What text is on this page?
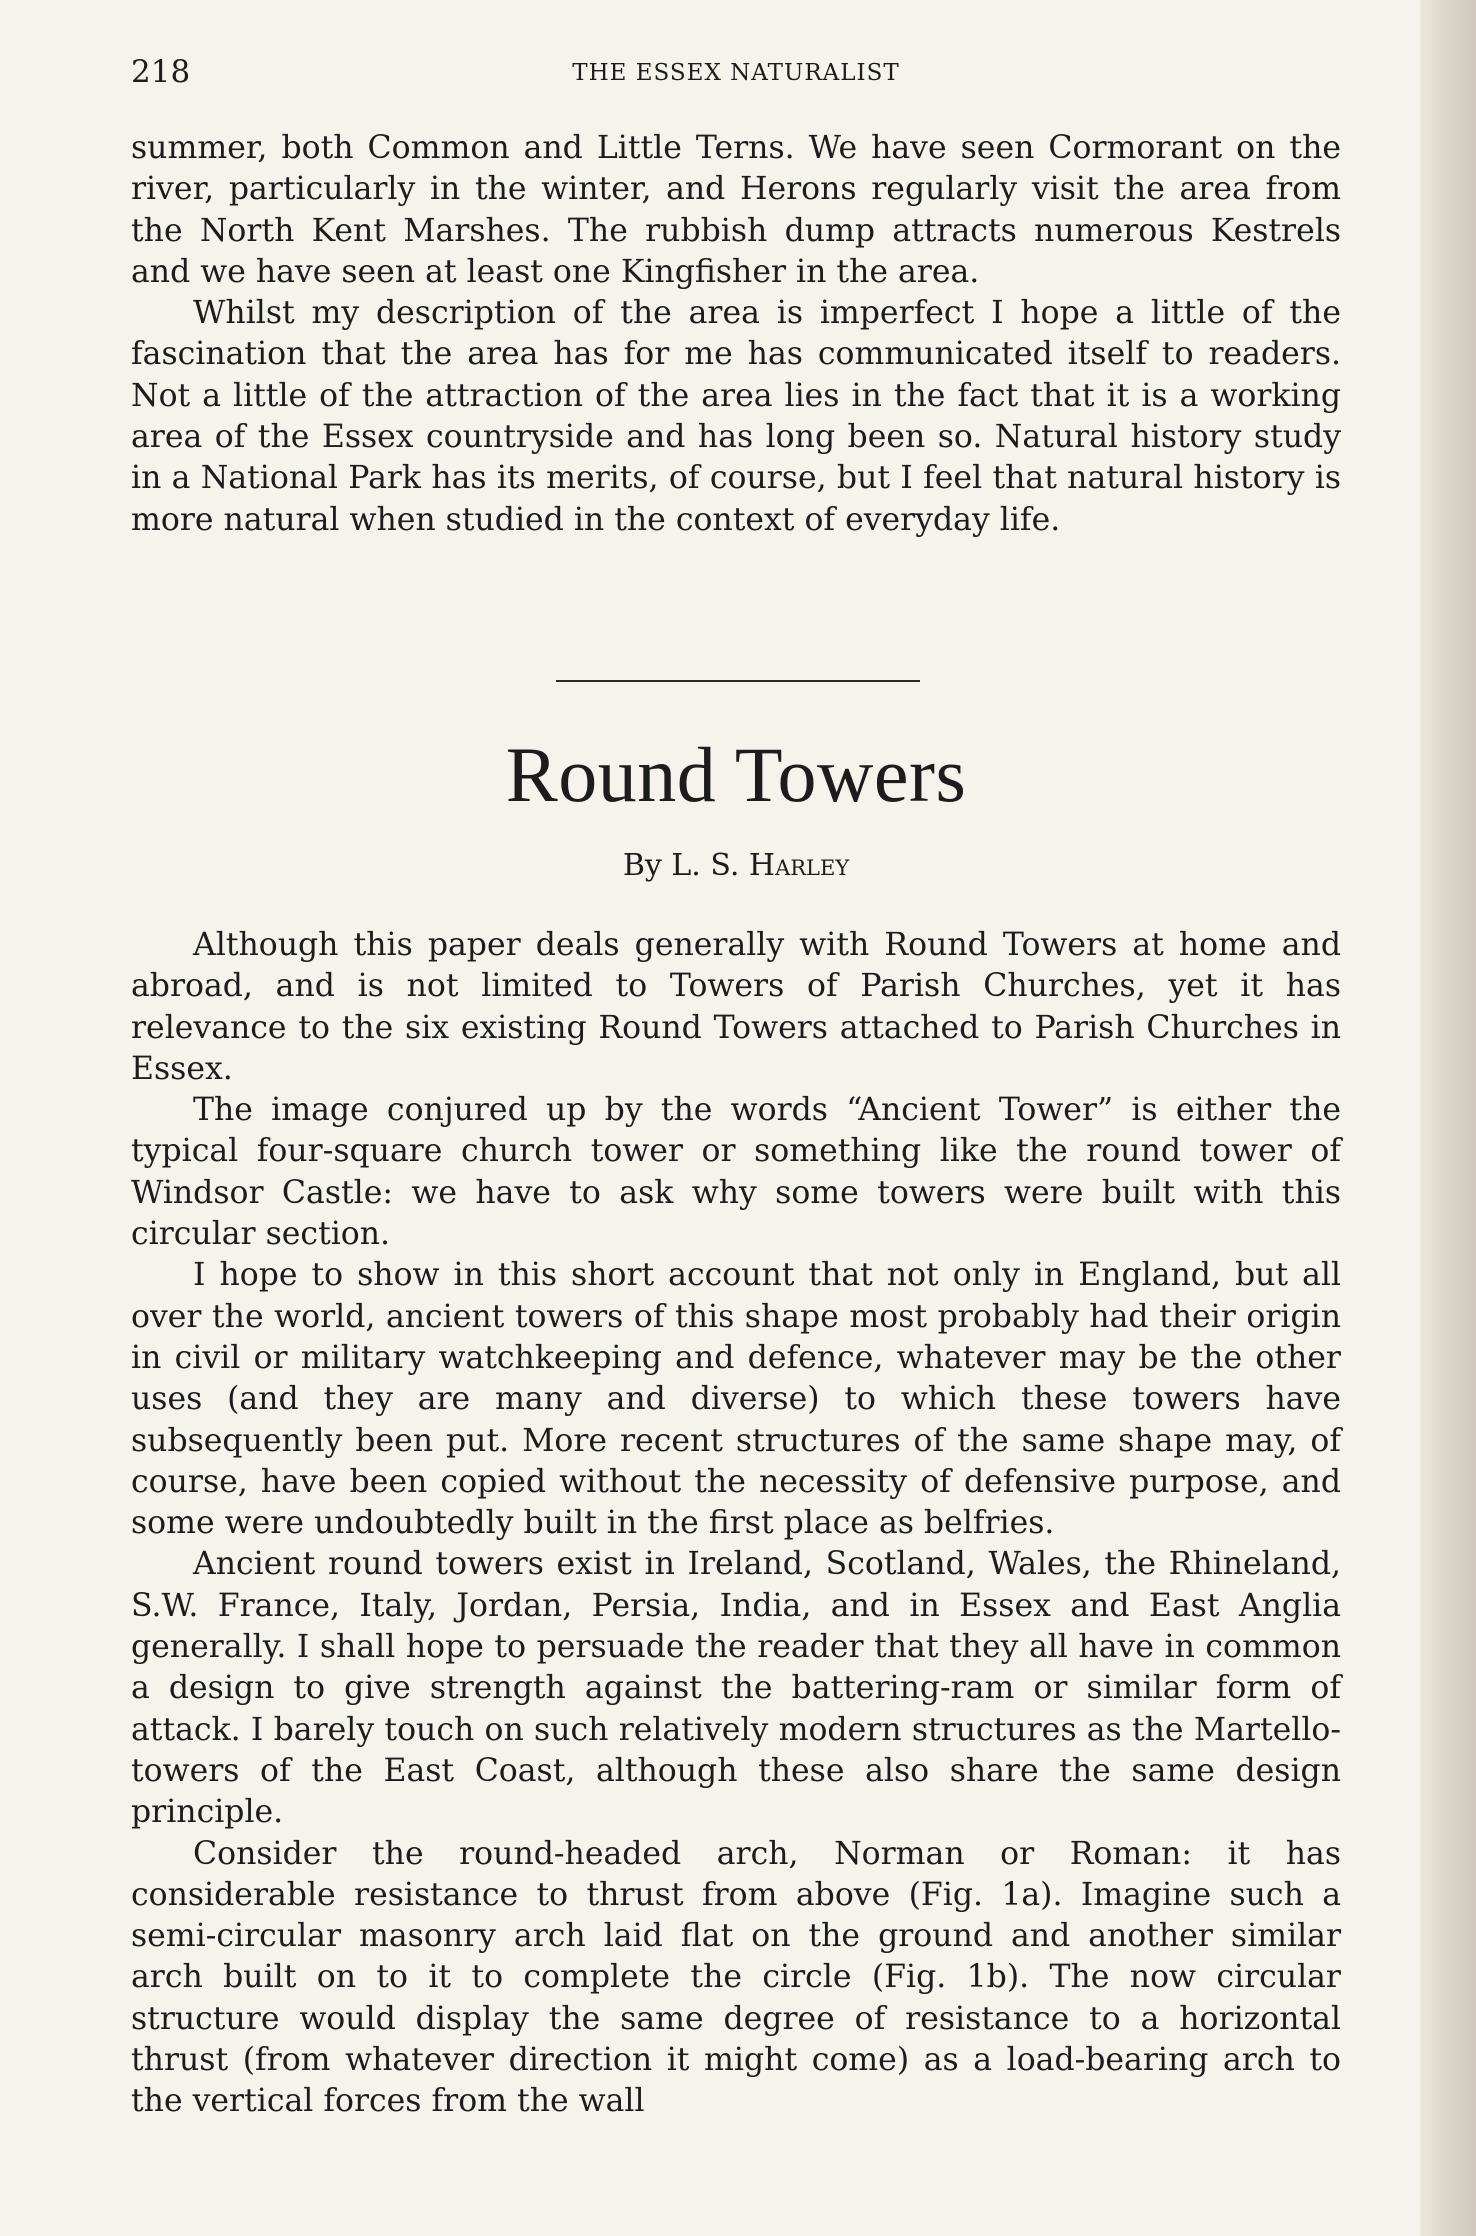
218	THE ESSEX NATURALIST

summer, both Common and Little Terns. We have seen Cormorant on the river, particularly in the winter, and Herons regularly visit the area from the North Kent Marshes. The rubbish dump attracts numerous Kestrels and we have seen at least one Kingfisher in the area.

Whilst my description of the area is imperfect I hope a little of the fascination that the area has for me has communicated itself to readers. Not a little of the attraction of the area lies in the fact that it is a working area of the Essex countryside and has long been so. Natural history study in a National Park has its merits, of course, but I feel that natural history is more natural when studied in the context of everyday life.

Round Towers
By L. S. Harley

Although this paper deals generally with Round Towers at home and abroad, and is not limited to Towers of Parish Churches, yet it has relevance to the six existing Round Towers attached to Parish Churches in Essex.

The image conjured up by the words “Ancient Tower” is either the typical four-square church tower or something like the round tower of Windsor Castle: we have to ask why some towers were built with this circular section.

I hope to show in this short account that not only in England, but all over the world, ancient towers of this shape most probably had their origin in civil or military watchkeeping and defence, whatever may be the other uses (and they are many and diverse) to which these towers have subsequently been put. More recent structures of the same shape may, of course, have been copied without the necessity of defensive purpose, and some were undoubtedly built in the first place as belfries.

Ancient round towers exist in Ireland, Scotland, Wales, the Rhineland, S.W. France, Italy, Jordan, Persia, India, and in Essex and East Anglia generally. I shall hope to persuade the reader that they all have in common a design to give strength against the battering-ram or similar form of attack. I barely touch on such relatively modern structures as the Martello-towers of the East Coast, although these also share the same design principle.

Consider the round-headed arch, Norman or Roman: it has considerable resistance to thrust from above (Fig. 1a). Imagine such a semi-circular masonry arch laid flat on the ground and another similar arch built on to it to complete the circle (Fig. 1b). The now circular structure would display the same degree of resistance to a horizontal thrust (from whatever direction it might come) as a load-bearing arch to the vertical forces from the wall
